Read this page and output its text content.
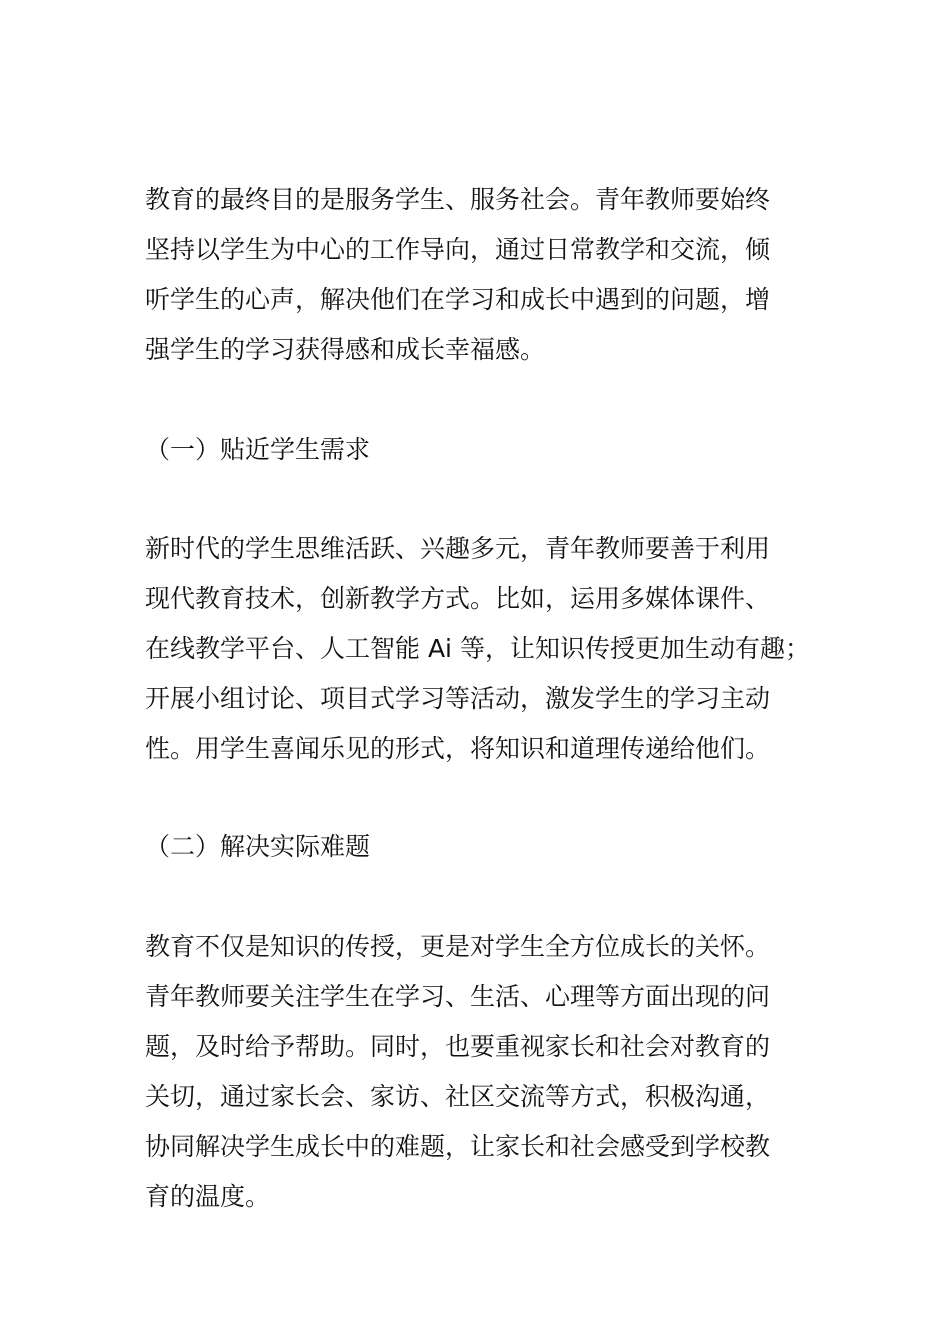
教育的最终目的是服务学生、服务社会。青年教师要始终
坚持以学生为中心的工作导向，通过日常教学和交流，倾
听学生的心声，解决他们在学习和成长中遇到的问题，增
强学生的学习获得感和成长幸福感。
（一）贴近学生需求
新时代的学生思维活跃、兴趣多元，青年教师要善于利用
现代教育技术，创新教学方式。比如，运用多媒体课件、
在线教学平台、人工智能 Ai 等，让知识传授更加生动有趣；
开展小组讨论、项目式学习等活动，激发学生的学习主动
性。用学生喜闻乐见的形式，将知识和道理传递给他们。
（二）解决实际难题
教育不仅是知识的传授，更是对学生全方位成长的关怀。
青年教师要关注学生在学习、生活、心理等方面出现的问
题，及时给予帮助。同时，也要重视家长和社会对教育的
关切，通过家长会、家访、社区交流等方式，积极沟通，
协同解决学生成长中的难题，让家长和社会感受到学校教
育的温度。
